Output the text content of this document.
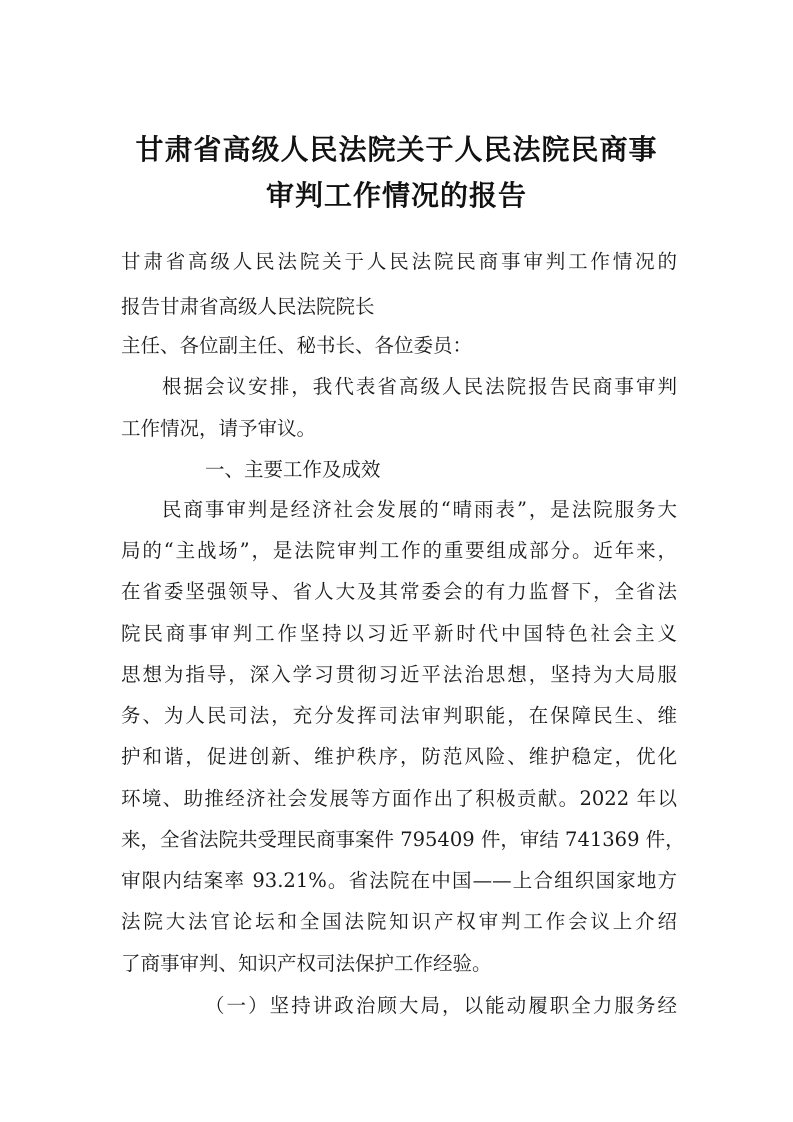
甘肃省高级人民法院关于人民法院民商事
审判工作情况的报告
甘肃省高级人民法院关于人民法院民商事审判工作情况的
报告甘肃省高级人民法院院长
主任、各位副主任、秘书长、各位委员：
根据会议安排，我代表省高级人民法院报告民商事审判
工作情况，请予审议。
一、主要工作及成效
民商事审判是经济社会发展的“晴雨表”，是法院服务大
局的“主战场”，是法院审判工作的重要组成部分。近年来，
在省委坚强领导、省人大及其常委会的有力监督下，全省法
院民商事审判工作坚持以习近平新时代中国特色社会主义
思想为指导，深入学习贯彻习近平法治思想，坚持为大局服
务、为人民司法，充分发挥司法审判职能，在保障民生、维
护和谐，促进创新、维护秩序，防范风险、维护稳定，优化
环境、助推经济社会发展等方面作出了积极贡献。2022 年以
来，全省法院共受理民商事案件 795409 件，审结 741369 件，
审限内结案率 93.21%。省法院在中国——上合组织国家地方
法院大法官论坛和全国法院知识产权审判工作会议上介绍
了商事审判、知识产权司法保护工作经验。
（一）坚持讲政治顾大局，以能动履职全力服务经
